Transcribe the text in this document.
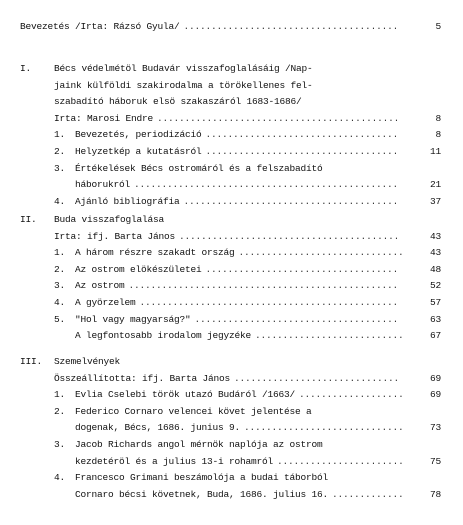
Bevezetés /Irta: Rázsó Gyula/ .......................................	5
I. Bécs védelmétöl Budavár visszafoglalásáig /Nap-
jaink külföldi szakirodalma a törökellenes fel-
szabadító háboruk elsö szakaszáról 1683-1686/
Irta: Marosi Endre ............................................	8
1. Bevezetés, periodizáció ...................................	8
2. Helyzetkép a kutatásról ...................................	11
3. Értékelések Bécs ostromáról és a felszabadító
háborukról ................................................	21
4. Ajánló bibliográfia .......................................	37
II. Buda visszafoglalása
Irta: ifj. Barta János ........................................	43
1. A három részre szakadt ország ..............................	43
2. Az ostrom elökészületei ...................................	48
3. Az ostrom .................................................	52
4. A györzelem ...............................................	57
5. "Hol vagy magyarság?" .....................................	63
A legfontosabb irodalom jegyzéke ...........................	67
III. Szemelvények
Összeállította: ifj. Barta János ..............................	69
1. Evlia Cselebi török utazó Budáról /1663/ ...................	69
2. Federico Cornaro velencei követ jelentése a
dogenak, Bécs, 1686. junius 9. .............................	73
3. Jacob Richards angol mérnök naplója az ostrom
kezdetéröl és a julius 13-i rohamról .......................	75
4. Francesco Grimani beszámolója a budai táborból
Cornaro bécsi követnek, Buda, 1686. julius 16. .............	78
